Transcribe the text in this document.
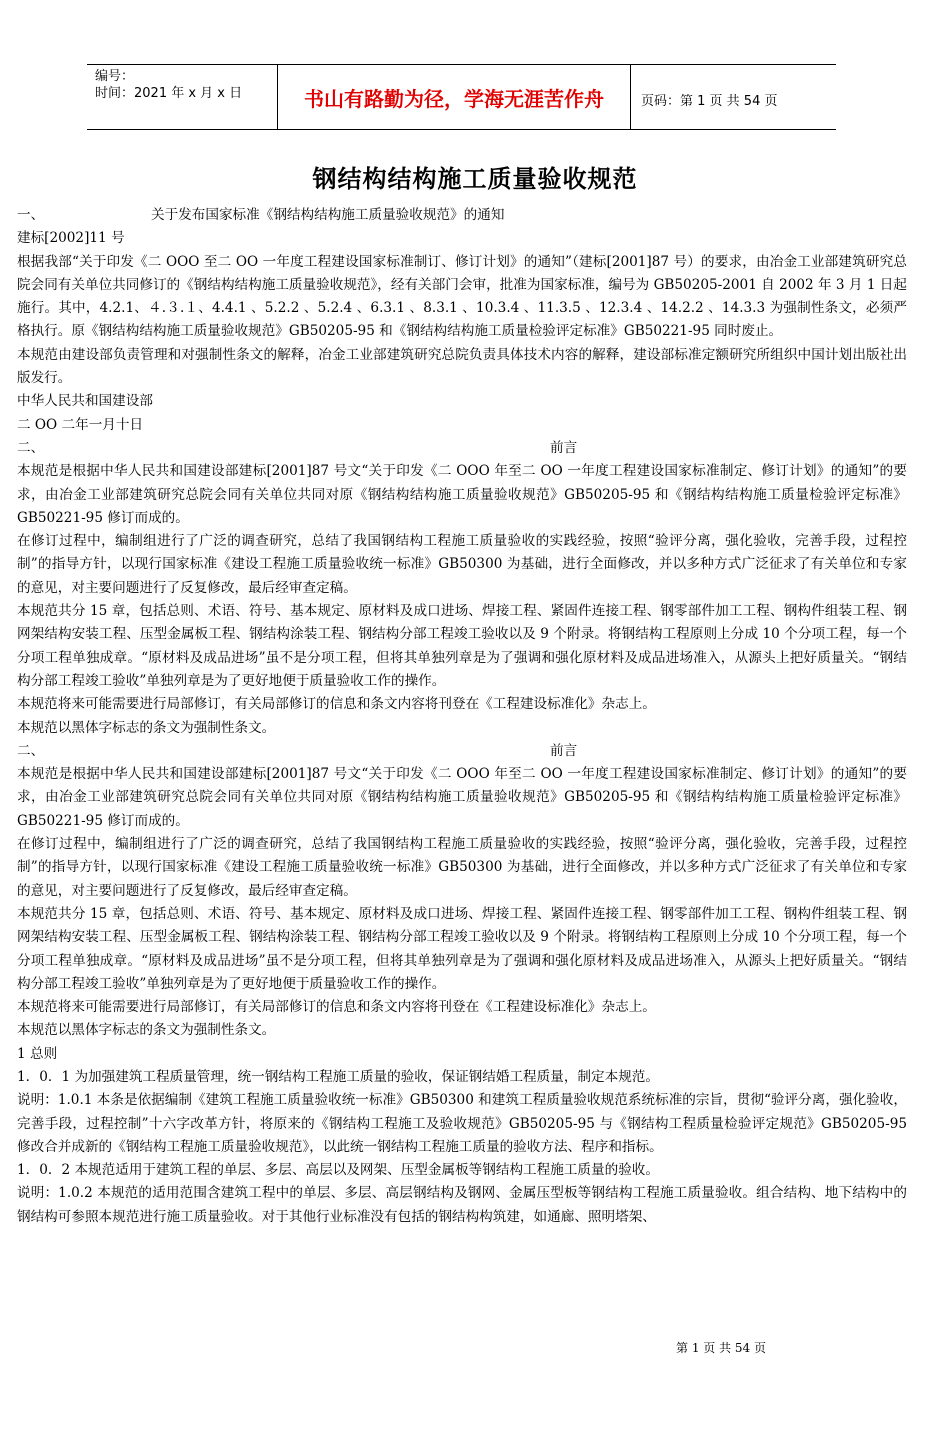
编号：
时间：2021 年 x 月 x 日	书山有路勤为径，学海无涯苦作舟	页码：第 1 页 共 54 页
钢结构结构施工质量验收规范

一、	关于发布国家标准《钢结构结构施工质量验收规范》的通知

建标[2002]11 号

根据我部“关于印发《二 OOO 至二 OO 一年度工程建设国家标准制订、修订计划》的通知”（建标[2001]87 号）的要求，由冶金工业部建筑研究总院会同有关单位共同修订的《钢结构结构施工质量验收规范》，经有关部门会审，批准为国家标准，编号为 GB50205-2001 自 2002 年 3 月 1 日起施行。其中，4.2.1、４.３.１、4.4.1 、5.2.2 、5.2.4 、6.3.1 、8.3.1 、10.3.4 、11.3.5 、12.3.4 、14.2.2 、14.3.3 为强制性条文，必须严格执行。原《钢结构结构施工质量验收规范》GB50205-95 和《钢结构结构施工质量检验评定标准》GB50221-95 同时废止。

本规范由建设部负责管理和对强制性条文的解释，冶金工业部建筑研究总院负责具体技术内容的解释，建设部标准定额研究所组织中国计划出版社出版发行。

中华人民共和国建设部

二 OO 二年一月十日

二、	前言

本规范是根据中华人民共和国建设部建标[2001]87 号文“关于印发《二 OOO 年至二 OO 一年度工程建设国家标准制定、修订计划》的通知”的要求，由冶金工业部建筑研究总院会同有关单位共同对原《钢结构结构施工质量验收规范》GB50205-95 和《钢结构结构施工质量检验评定标准》GB50221-95 修订而成的。

在修订过程中，编制组进行了广泛的调查研究，总结了我国钢结构工程施工质量验收的实践经验，按照“验评分离，强化验收，完善手段，过程控制”的指导方针，以现行国家标准《建设工程施工质量验收统一标准》GB50300 为基础，进行全面修改，并以多种方式广泛征求了有关单位和专家的意见，对主要问题进行了反复修改，最后经审查定稿。

本规范共分 15 章，包括总则、术语、符号、基本规定、原材料及成口进场、焊接工程、紧固件连接工程、钢零部件加工工程、钢构件组装工程、钢网架结构安装工程、压型金属板工程、钢结构涂装工程、钢结构分部工程竣工验收以及 9 个附录。将钢结构工程原则上分成 10 个分项工程，每一个分项工程单独成章。“原材料及成品进场”虽不是分项工程，但将其单独列章是为了强调和强化原材料及成品进场准入，从源头上把好质量关。“钢结构分部工程竣工验收”单独列章是为了更好地便于质量验收工作的操作。

本规范将来可能需要进行局部修订，有关局部修订的信息和条文内容将刊登在《工程建设标准化》杂志上。

本规范以黑体字标志的条文为强制性条文。

二、	前言

本规范是根据中华人民共和国建设部建标[2001]87 号文“关于印发《二 OOO 年至二 OO 一年度工程建设国家标准制定、修订计划》的通知”的要求，由冶金工业部建筑研究总院会同有关单位共同对原《钢结构结构施工质量验收规范》GB50205-95 和《钢结构结构施工质量检验评定标准》GB50221-95 修订而成的。

在修订过程中，编制组进行了广泛的调查研究，总结了我国钢结构工程施工质量验收的实践经验，按照“验评分离，强化验收，完善手段，过程控制”的指导方针，以现行国家标准《建设工程施工质量验收统一标准》GB50300 为基础，进行全面修改，并以多种方式广泛征求了有关单位和专家的意见，对主要问题进行了反复修改，最后经审查定稿。

本规范共分 15 章，包括总则、术语、符号、基本规定、原材料及成口进场、焊接工程、紧固件连接工程、钢零部件加工工程、钢构件组装工程、钢网架结构安装工程、压型金属板工程、钢结构涂装工程、钢结构分部工程竣工验收以及 9 个附录。将钢结构工程原则上分成 10 个分项工程，每一个分项工程单独成章。“原材料及成品进场”虽不是分项工程，但将其单独列章是为了强调和强化原材料及成品进场准入，从源头上把好质量关。“钢结构分部工程竣工验收”单独列章是为了更好地便于质量验收工作的操作。

本规范将来可能需要进行局部修订，有关局部修订的信息和条文内容将刊登在《工程建设标准化》杂志上。

本规范以黑体字标志的条文为强制性条文。

1 总则

1．0．1 为加强建筑工程质量管理，统一钢结构工程施工质量的验收，保证钢结婚工程质量，制定本规范。

说明：1.0.1 本条是依据编制《建筑工程施工质量验收统一标准》GB50300 和建筑工程质量验收规范系统标准的宗旨，贯彻“验评分离，强化验收，完善手段，过程控制”十六字改革方针，将原来的《钢结构工程施工及验收规范》GB50205-95 与《钢结构工程质量检验评定规范》GB50205-95 修改合并成新的《钢结构工程施工质量验收规范》，以此统一钢结构工程施工质量的验收方法、程序和指标。

1．0．2 本规范适用于建筑工程的单层、多层、高层以及网架、压型金属板等钢结构工程施工质量的验收。

说明：1.0.2 本规范的适用范围含建筑工程中的单层、多层、高层钢结构及钢网、金属压型板等钢结构工程施工质量验收。组合结构、地下结构中的钢结构可参照本规范进行施工质量验收。对于其他行业标准没有包括的钢结构构筑建，如通廊、照明塔架、

第 1 页 共 54 页
